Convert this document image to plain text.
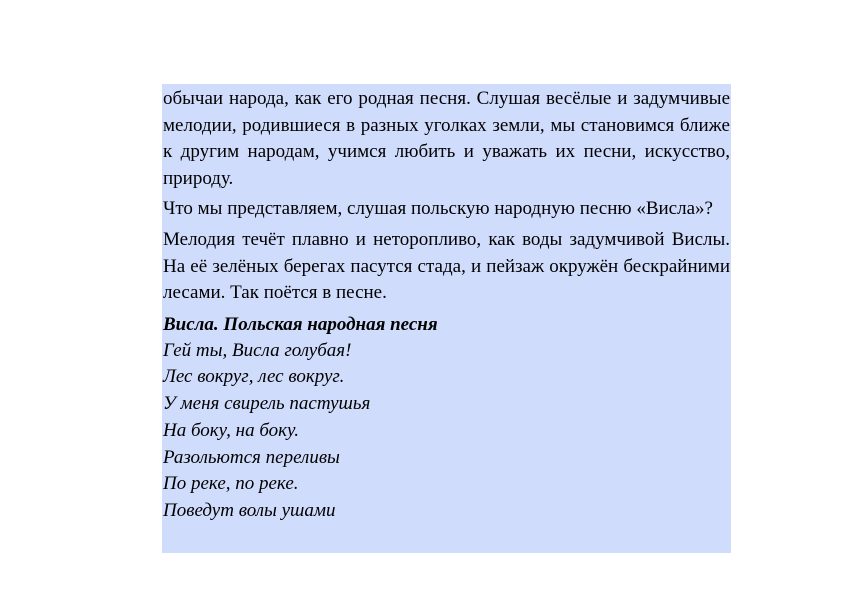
обычаи народа, как его родная песня. Слушая весёлые и задумчивые мелодии, родившиеся в разных уголках земли, мы становимся ближе к другим народам, учимся любить и уважать их песни, искусство, природу.

Что мы представляем, слушая польскую народную песню «Висла»?

Мелодия течёт плавно и неторопливо, как воды задумчивой Вислы. На её зелёных берегах пасутся стада, и пейзаж окружён бескрайними лесами. Так поётся в песне.

Висла. Польская народная песня

Гей ты, Висла голубая!

Лес вокруг, лес вокруг.

У меня свирель пастушья

На боку, на боку.

Разольются переливы

По реке, по реке.

Поведут волы ушами
